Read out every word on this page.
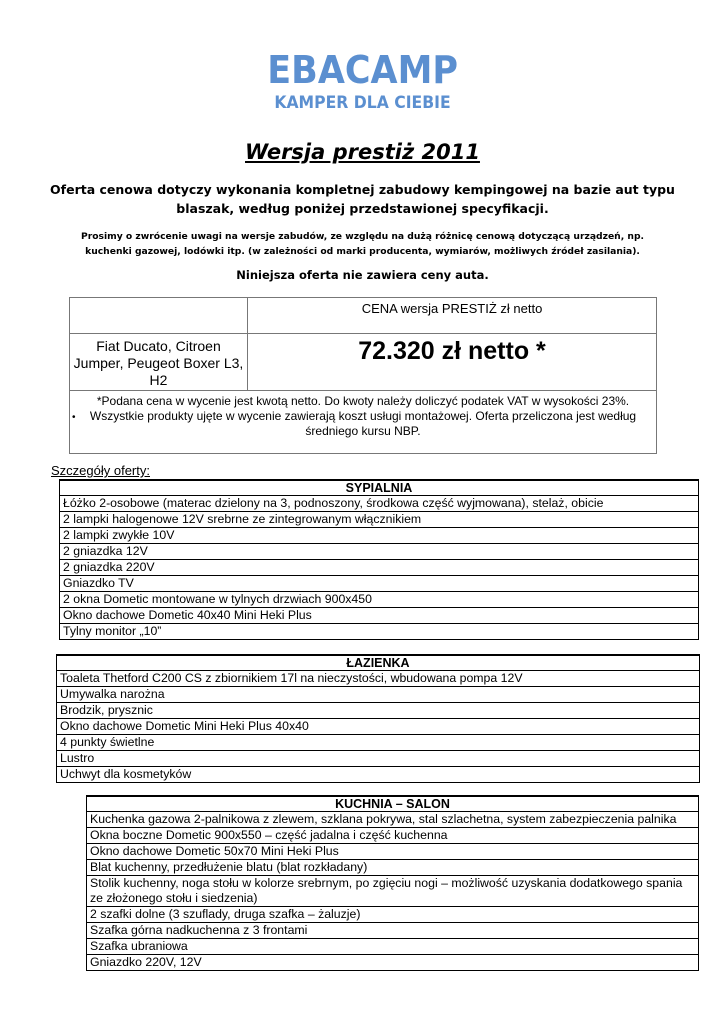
EBACAMP
KAMPER DLA CIEBIE
Wersja prestiż 2011
Oferta cenowa dotyczy wykonania kompletnej zabudowy kempingowej na bazie aut typu blaszak, według poniżej przedstawionej specyfikacji.
Prosimy o zwrócenie uwagi na wersje zabudów, ze względu na dużą różnicę cenową dotyczącą urządzeń, np. kuchenki gazowej, lodówki itp. (w zależności od marki producenta, wymiarów, możliwych źródeł zasilania).
Niniejsza oferta nie zawiera ceny auta.
	CENA wersja PRESTIŻ zł netto
Fiat Ducato, Citroen Jumper, Peugeot Boxer L3, H2	72.320 zł netto *

•
*Podana cena w wycenie jest kwotą netto. Do kwoty należy doliczyć podatek VAT w wysokości 23%.
Wszystkie produkty ujęte w wycenie zawierają koszt usługi montażowej. Oferta przeliczona jest według średniego kursu NBP.	
Szczegóły oferty:
SYPIALNIA
Łóżko 2-osobowe (materac dzielony na 3, podnoszony, środkowa część wyjmowana), stelaż, obicie
2 lampki halogenowe 12V srebrne ze zintegrowanym włącznikiem
2 lampki zwykłe 10V
2 gniazdka 12V
2 gniazdka 220V
Gniazdko TV
2 okna Dometic montowane w tylnych drzwiach 900x450
Okno dachowe Dometic 40x40 Mini Heki Plus
Tylny monitor „10”
ŁAZIENKA
Toaleta Thetford C200 CS z zbiornikiem 17l na nieczystości, wbudowana pompa 12V
Umywalka narożna
Brodzik, prysznic
Okno dachowe Dometic Mini Heki Plus 40x40
4 punkty świetlne
Lustro
Uchwyt dla kosmetyków
KUCHNIA – SALON
Kuchenka gazowa 2-palnikowa z zlewem, szklana pokrywa, stal szlachetna, system zabezpieczenia palnika
Okna boczne Dometic 900x550 – część jadalna i część kuchenna
Okno dachowe Dometic 50x70 Mini Heki Plus
Blat kuchenny, przedłużenie blatu (blat rozkładany)
Stolik kuchenny, noga stołu w kolorze srebrnym, po zgięciu nogi – możliwość uzyskania dodatkowego spania ze złożonego stołu i siedzenia)
2 szafki dolne (3 szuflady, druga szafka – żaluzje)
Szafka górna nadkuchenna z 3 frontami
Szafka ubraniowa
Gniazdko 220V, 12V
